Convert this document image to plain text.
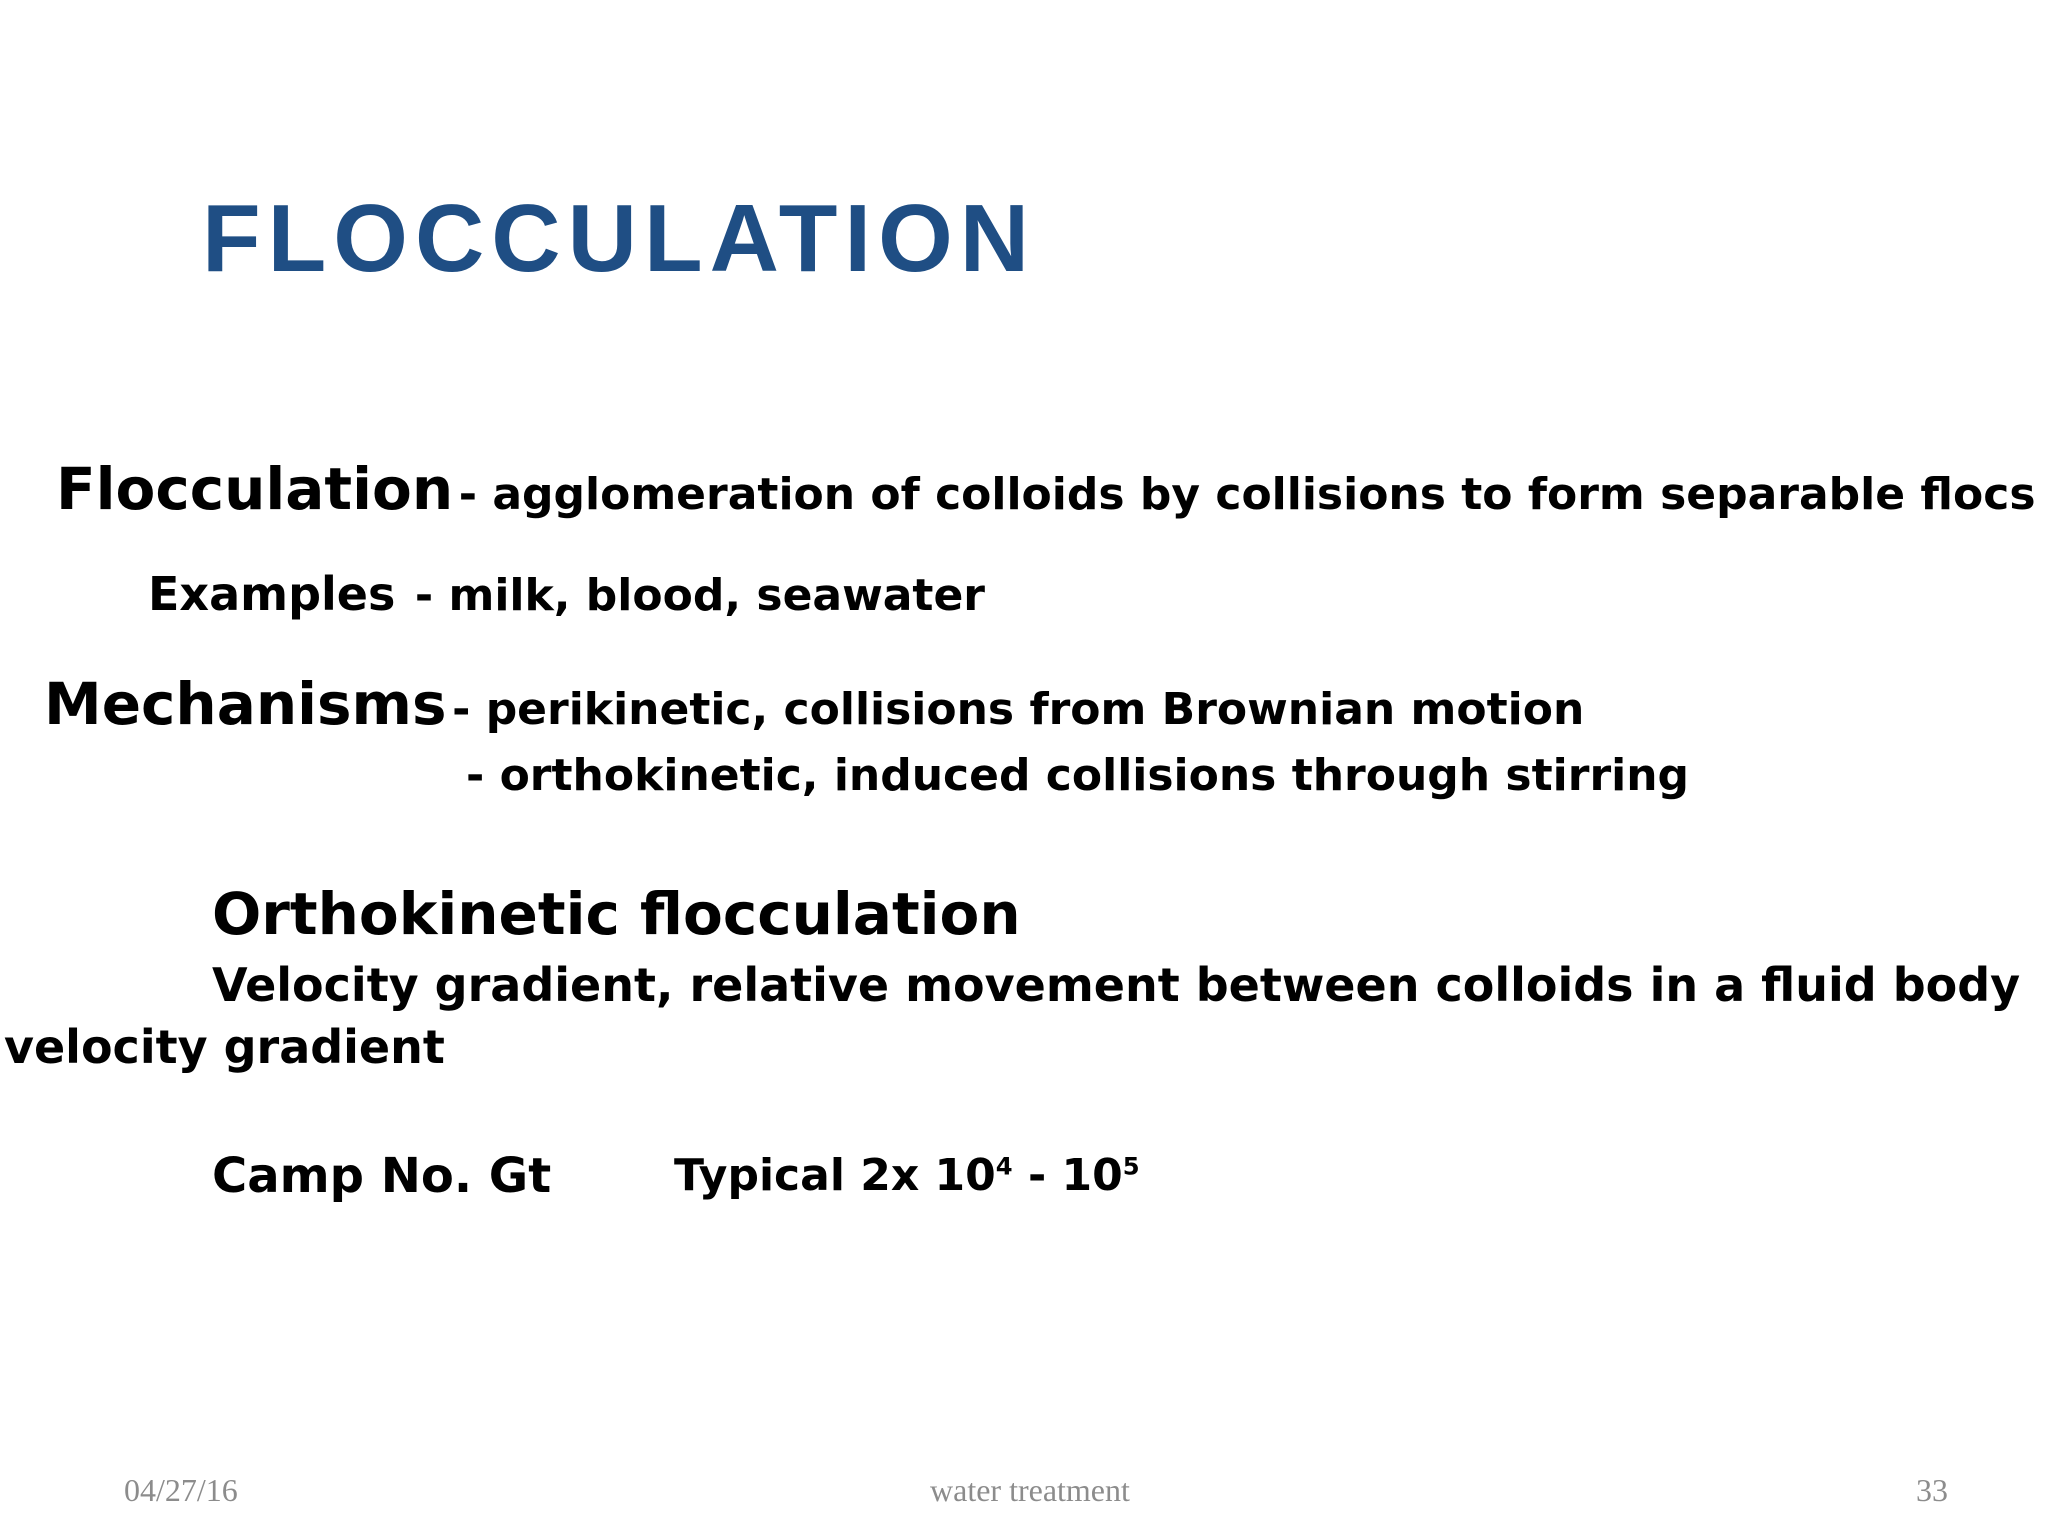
FLOCCULATION
Flocculation - agglomeration of colloids by collisions to form separable flocs
Examples - milk, blood, seawater
Mechanisms - perikinetic, collisions from Brownian motion
- orthokinetic, induced collisions through stirring
Orthokinetic flocculation
Velocity gradient, relative movement between colloids in a fluid body
velocity gradient
Camp No. Gt	Typical 2x $10^4 - 10^5$
04/27/16	water treatment	33
